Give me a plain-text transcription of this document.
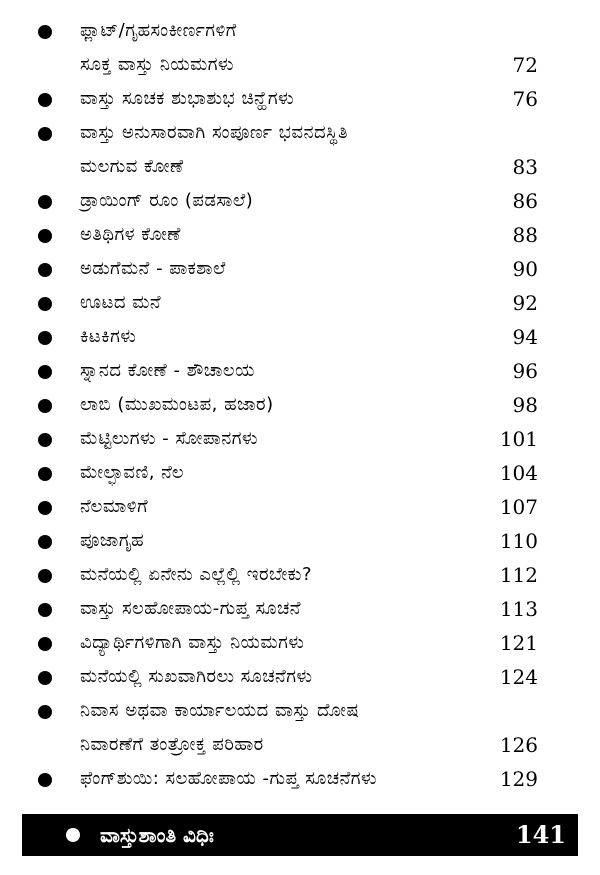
ಫ್ಲಾಟ್/ಗೃಹಸಂಕೀರ್ಣಗಳಿಗೆ
ಸೂಕ್ತ ವಾಸ್ತು ನಿಯಮಗಳು	72
ವಾಸ್ತು ಸೂಚಕ ಶುಭಾಶುಭ ಚಿನ್ಹೆಗಳು	76
ವಾಸ್ತು ಅನುಸಾರವಾಗಿ ಸಂಪೂರ್ಣ ಭವನದಸ್ಥಿತಿ
ಮಲಗುವ ಕೋಣೆ	83
ಡ್ರಾಯಿಂಗ್ ರೂಂ (ಪಡಸಾಲೆ)	86
ಅತಿಥಿಗಳ ಕೋಣೆ	88
ಅಡುಗೆಮನೆ - ಪಾಕಶಾಲೆ	90
ಊಟದ ಮನೆ	92
ಕಿಟಕಿಗಳು	94
ಸ್ನಾನದ ಕೋಣೆ - ಶೌಚಾಲಯ	96
ಲಾಬಿ (ಮುಖಮಂಟಪ, ಹಜಾರ)	98
ಮೆಟ್ಟಿಲುಗಳು - ಸೋಪಾನಗಳು	101
ಮೇಲ್ಛಾವಣಿ, ನೆಲ	104
ನೆಲಮಾಳಿಗೆ	107
ಪೂಜಾಗೃಹ	110
ಮನೆಯಲ್ಲಿ ಏನೇನು ಎಲ್ಲೆಲ್ಲಿ ಇರಬೇಕು?	112
ವಾಸ್ತು ಸಲಹೋಪಾಯ-ಗುಪ್ತ ಸೂಚನೆ	113
ವಿದ್ಯಾರ್ಥಿಗಳಿಗಾಗಿ ವಾಸ್ತು ನಿಯಮಗಳು	121
ಮನೆಯಲ್ಲಿ ಸುಖವಾಗಿರಲು ಸೂಚನೆಗಳು	124
ನಿವಾಸ ಅಥವಾ ಕಾರ್ಯಾಲಯದ ವಾಸ್ತು ದೋಷ
ನಿವಾರಣೆಗೆ ತಂತ್ರೋಕ್ತ ಪರಿಹಾರ	126
ಫೆಂಗ್‌ಶುಯಿ: ಸಲಹೋಪಾಯ -ಗುಪ್ತ ಸೂಚನೆಗಳು	129
ವಾಸ್ತುಶಾಂತಿ ವಿಧಿಃ	141
